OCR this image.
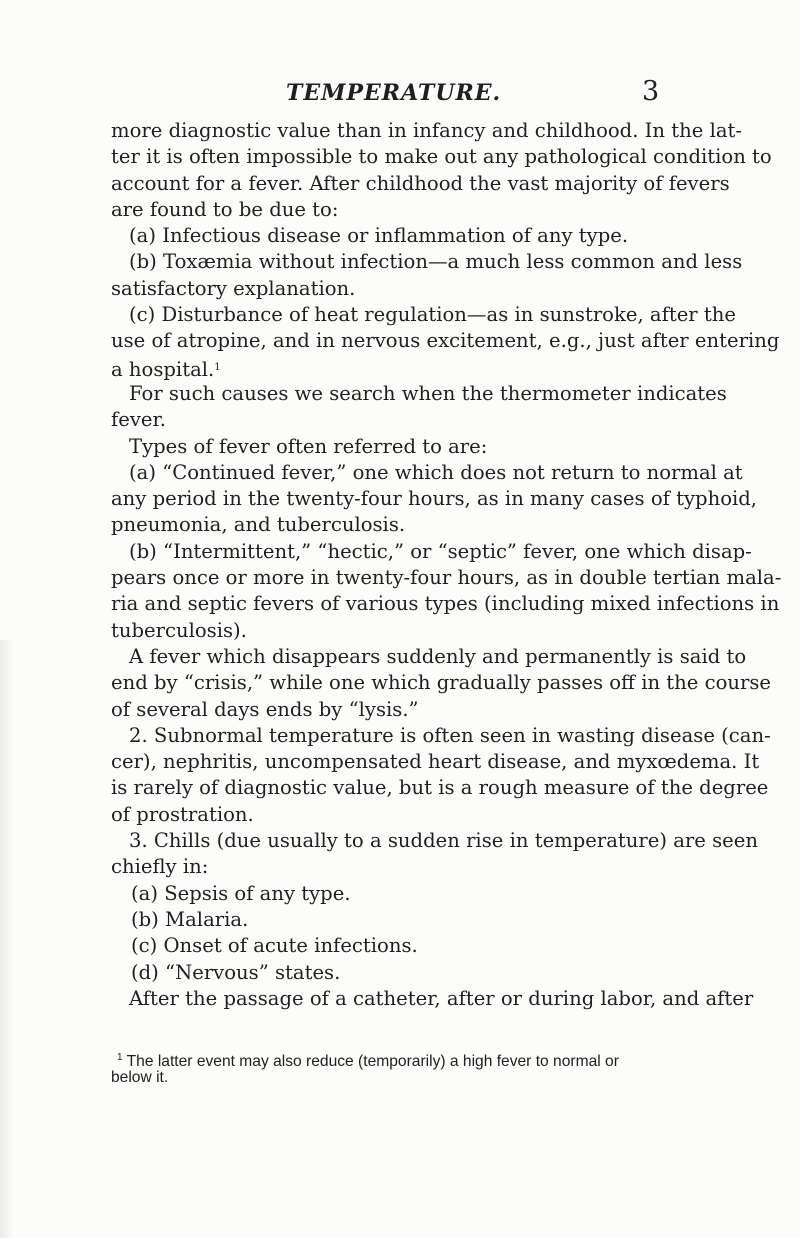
TEMPERATURE.	3
more diagnostic value than in infancy and childhood. In the lat-
ter it is often impossible to make out any pathological condition to
account for a fever. After childhood the vast majority of fevers
are found to be due to:
(a) Infectious disease or inflammation of any type.
(b) Toxæmia without infection—a much less common and less
satisfactory explanation.
(c) Disturbance of heat regulation—as in sunstroke, after the
use of atropine, and in nervous excitement, e.g., just after entering
a hospital.$^1$
For such causes we search when the thermometer indicates
fever.
Types of fever often referred to are:
(a) “Continued fever,” one which does not return to normal at
any period in the twenty-four hours, as in many cases of typhoid,
pneumonia, and tuberculosis.
(b) “Intermittent,” “hectic,” or “septic” fever, one which disap-
pears once or more in twenty-four hours, as in double tertian mala-
ria and septic fevers of various types (including mixed infections in
tuberculosis).
A fever which disappears suddenly and permanently is said to
end by “crisis,” while one which gradually passes off in the course
of several days ends by “lysis.”
2. Subnormal temperature is often seen in wasting disease (can-
cer), nephritis, uncompensated heart disease, and myxœdema. It
is rarely of diagnostic value, but is a rough measure of the degree
of prostration.
3. Chills (due usually to a sudden rise in temperature) are seen
chiefly in:
(a) Sepsis of any type.
(b) Malaria.
(c) Onset of acute infections.
(d) “Nervous” states.
After the passage of a catheter, after or during labor, and after
$^1$ The latter event may also reduce (temporarily) a high fever to normal or
below it.
